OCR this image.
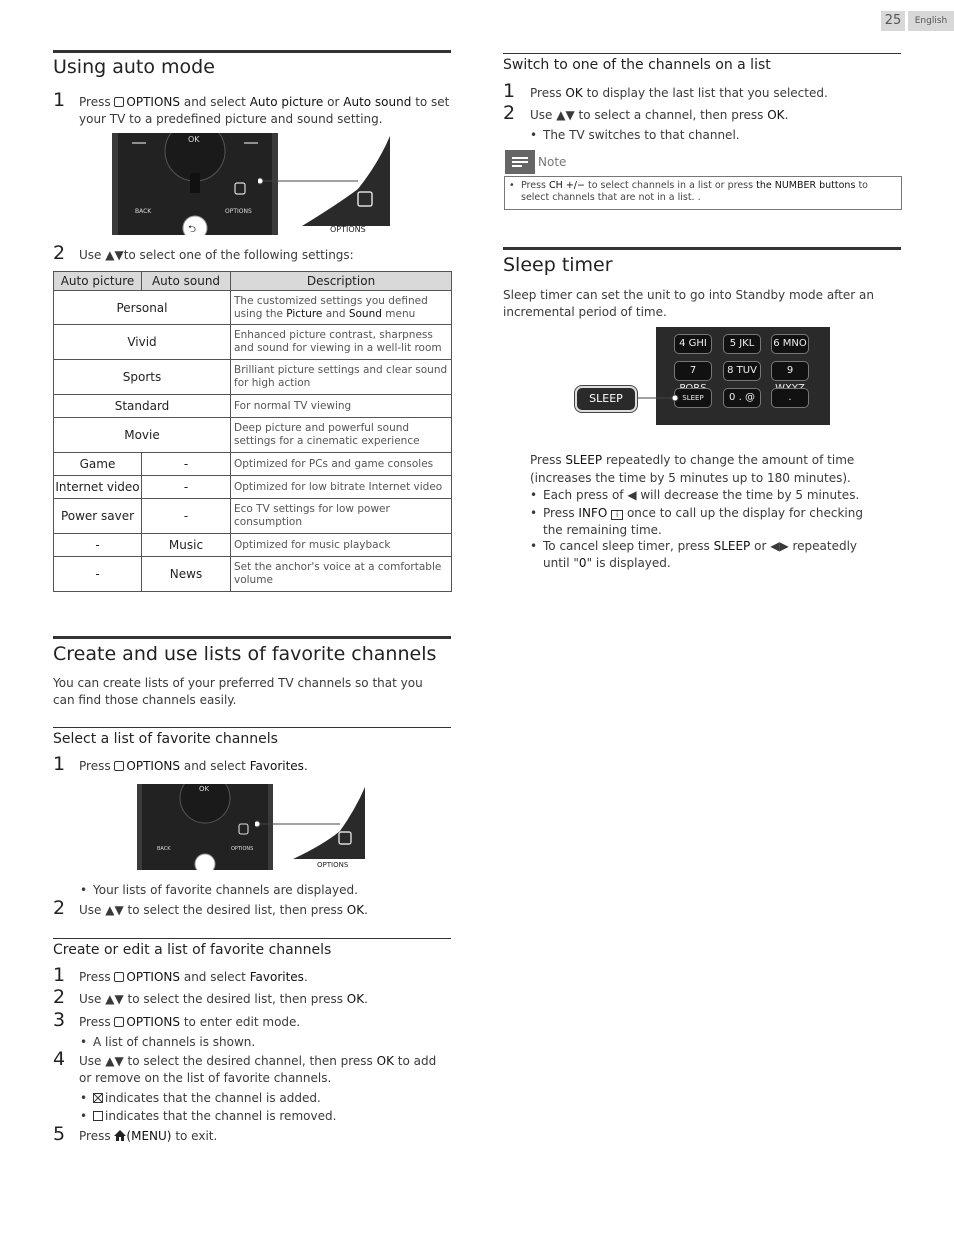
25	English
Using auto mode
1	Press OPTIONS and select Auto picture or Auto sound to set your TV to a predefined picture and sound setting.
OK
BACK	OPTIONS
⮌	OPTIONS
2	Use ▲▼to select one of the following settings:
Auto picture	Auto sound	Description
Personal		The customized settings you defined using the Picture and Sound menu
Vivid		Enhanced picture contrast, sharpness and sound for viewing in a well-lit room
Sports		Brilliant picture settings and clear sound for high action
Standard		For normal TV viewing
Movie		Deep picture and powerful sound settings for a cinematic experience
Game	-	Optimized for PCs and game consoles
Internet video	-	Optimized for low bitrate Internet video
Power saver	-	Eco TV settings for low power consumption
-	Music	Optimized for music playback
-	News	Set the anchor's voice at a comfortable volume
Create and use lists of favorite channels
You can create lists of your preferred TV channels so that you can find those channels easily.
Select a list of favorite channels
1	Press OPTIONS and select Favorites.
OK
BACK	OPTIONS
OPTIONS
• Your lists of favorite channels are displayed.
2	Use ▲▼ to select the desired list, then press OK.
Create or edit a list of favorite channels
1	Press OPTIONS and select Favorites.
2	Use ▲▼ to select the desired list, then press OK.
3	Press OPTIONS to enter edit mode.
• A list of channels is shown.
4	Use ▲▼ to select the desired channel, then press OK to add or remove on the list of favorite channels.
• indicates that the channel is added.
• indicates that the channel is removed.
5	Press (MENU) to exit.
Switch to one of the channels on a list
1	Press OK to display the last list that you selected.
2	Use ▲▼ to select a channel, then press OK.
• The TV switches to that channel.
Note
• Press CH +/− to select channels in a list or press the NUMBER buttons to select channels that are not in a list. .
Sleep timer
Sleep timer can set the unit to go into Standby mode after an incremental period of time.
4 GHI	5 JKL	6 MNO
7	8 TUV	9
SLEEP	0 . @	.
SLEEP
Press SLEEP repeatedly to change the amount of time (increases the time by 5 minutes up to 180 minutes).
• Each press of ◀ will decrease the time by 5 minutes.
• Press INFO i once to call up the display for checking the remaining time.
• To cancel sleep timer, press SLEEP or ◀▶ repeatedly until "0" is displayed.
